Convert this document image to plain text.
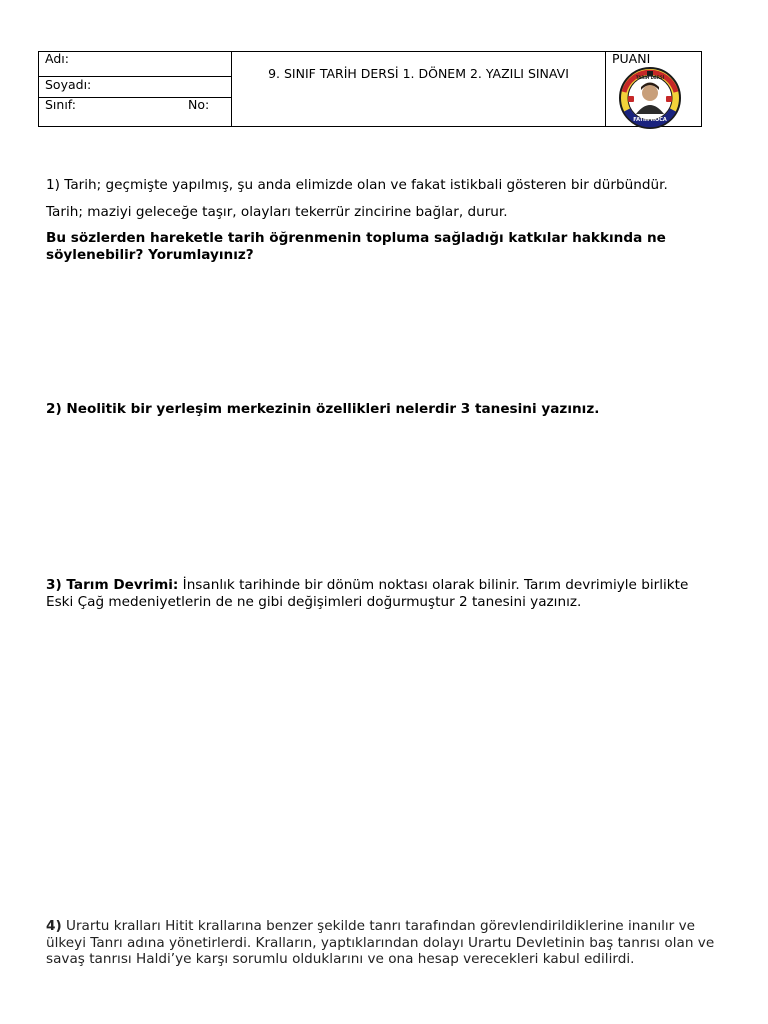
Adı:
Soyadı:
Sınıf:	No:
9. SINIF TARİH DERSİ 1. DÖNEM 2. YAZILI SINAVI
PUANI
TARİH DERSİ
FATİH HOCA
1) Tarih; geçmişte yapılmış, şu anda elimizde olan ve fakat istikbali gösteren bir dürbündür.
Tarih; maziyi geleceğe taşır, olayları tekerrür zincirine bağlar, durur.
Bu sözlerden hareketle tarih öğrenmenin topluma sağladığı katkılar hakkında ne söylenebilir? Yorumlayınız?
2) Neolitik bir yerleşim merkezinin özellikleri nelerdir 3 tanesini yazınız.
3) Tarım Devrimi: İnsanlık tarihinde bir dönüm noktası olarak bilinir. Tarım devrimiyle birlikte Eski Çağ medeniyetlerin de ne gibi değişimleri doğurmuştur 2 tanesini yazınız.
4) Urartu kralları Hitit krallarına benzer şekilde tanrı tarafından görevlendirildiklerine inanılır ve ülkeyi Tanrı adına yönetirlerdi. Kralların, yaptıklarından dolayı Urartu Devletinin baş tanrısı olan ve savaş tanrısı Haldi’ye karşı sorumlu olduklarını ve ona hesap verecekleri kabul edilirdi.
